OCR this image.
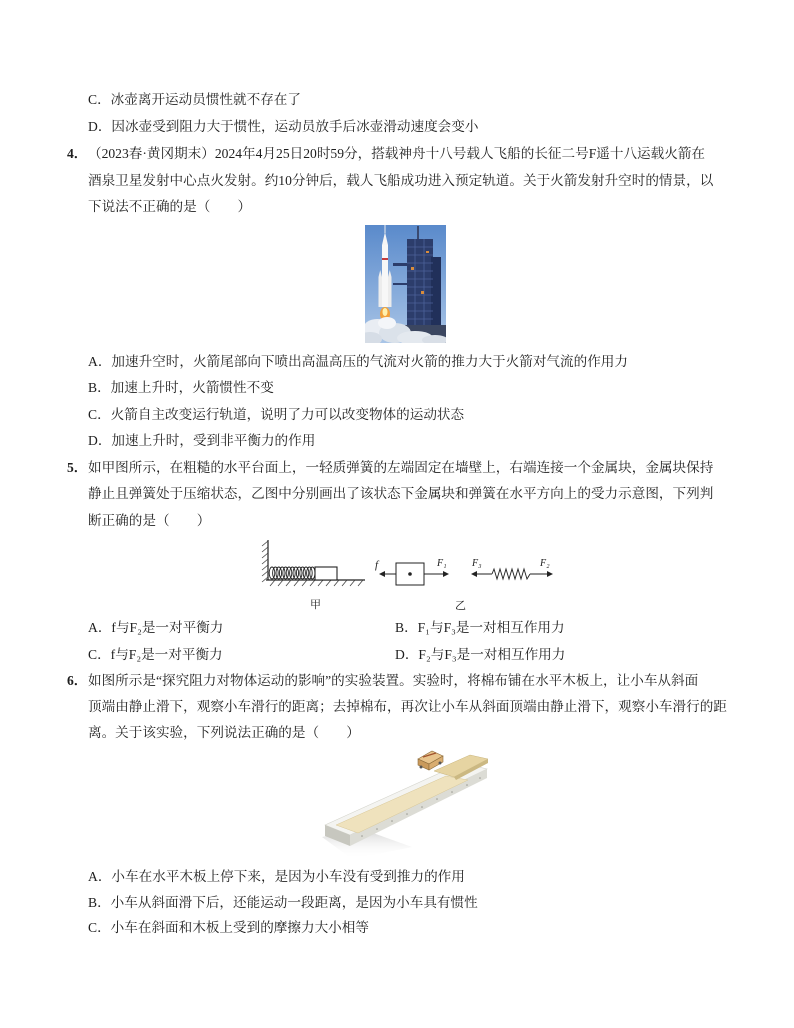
C．冰壶离开运动员惯性就不存在了
D．因冰壶受到阻力大于惯性，运动员放手后冰壶滑动速度会变小
4． （2023春·黄冈期末）2024年4月25日20时59分，搭载神舟十八号载人飞船的长征二号F遥十八运载火箭在
酒泉卫星发射中心点火发射。约10分钟后，载人飞船成功进入预定轨道。关于火箭发射升空时的情景，以
下说法不正确的是（　　）
A．加速升空时，火箭尾部向下喷出高温高压的气流对火箭的推力大于火箭对气流的作用力
B．加速上升时，火箭惯性不变
C．火箭自主改变运行轨道，说明了力可以改变物体的运动状态
D．加速上升时，受到非平衡力的作用
5． 如甲图所示，在粗糙的水平台面上，一轻质弹簧的左端固定在墙壁上，右端连接一个金属块，金属块保持
静止且弹簧处于压缩状态，乙图中分别画出了该状态下金属块和弹簧在水平方向上的受力示意图，下列判
断正确的是（　　）
甲
f	F₁	F₃	F₂
乙
A．f与F₂是一对平衡力	B．F₁与F₃是一对相互作用力
C．f与F₂是一对平衡力	D．F₂与F₃是一对相互作用力
6． 如图所示是“探究阻力对物体运动的影响”的实验装置。实验时，将棉布铺在水平木板上，让小车从斜面
顶端由静止滑下，观察小车滑行的距离；去掉棉布，再次让小车从斜面顶端由静止滑下，观察小车滑行的距
离。关于该实验，下列说法正确的是（　　）
A．小车在水平木板上停下来，是因为小车没有受到推力的作用
B．小车从斜面滑下后，还能运动一段距离，是因为小车具有惯性
C．小车在斜面和木板上受到的摩擦力大小相等
